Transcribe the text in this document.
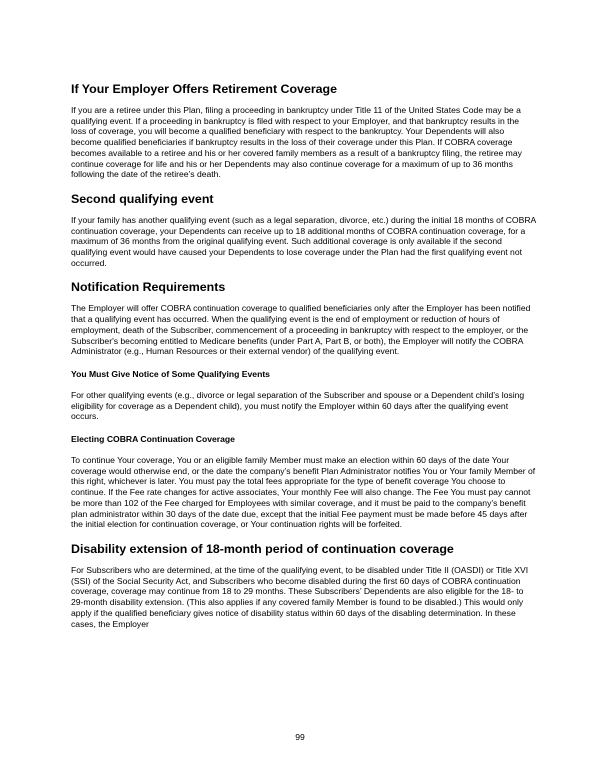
If Your Employer Offers Retirement Coverage

If you are a retiree under this Plan, filing a proceeding in bankruptcy under Title 11 of the United States Code may be a qualifying event. If a proceeding in bankruptcy is filed with respect to your Employer, and that bankruptcy results in the loss of coverage, you will become a qualified beneficiary with respect to the bankruptcy. Your Dependents will also become qualified beneficiaries if bankruptcy results in the loss of their coverage under this Plan. If COBRA coverage becomes available to a retiree and his or her covered family members as a result of a bankruptcy filing, the retiree may continue coverage for life and his or her Dependents may also continue coverage for a maximum of up to 36 months following the date of the retiree’s death.

Second qualifying event

If your family has another qualifying event (such as a legal separation, divorce, etc.) during the initial 18 months of COBRA continuation coverage, your Dependents can receive up to 18 additional months of COBRA continuation coverage, for a maximum of 36 months from the original qualifying event. Such additional coverage is only available if the second qualifying event would have caused your Dependents to lose coverage under the Plan had the first qualifying event not occurred.

Notification Requirements

The Employer will offer COBRA continuation coverage to qualified beneficiaries only after the Employer has been notified that a qualifying event has occurred. When the qualifying event is the end of employment or reduction of hours of employment, death of the Subscriber, commencement of a proceeding in bankruptcy with respect to the employer, or the Subscriber's becoming entitled to Medicare benefits (under Part A, Part B, or both), the Employer will notify the COBRA Administrator (e.g., Human Resources or their external vendor) of the qualifying event.

You Must Give Notice of Some Qualifying Events

For other qualifying events (e.g., divorce or legal separation of the Subscriber and spouse or a Dependent child’s losing eligibility for coverage as a Dependent child), you must notify the Employer within 60 days after the qualifying event occurs.

Electing COBRA Continuation Coverage

To continue Your coverage, You or an eligible family Member must make an election within 60 days of the date Your coverage would otherwise end, or the date the company’s benefit Plan Administrator notifies You or Your family Member of this right, whichever is later. You must pay the total fees appropriate for the type of benefit coverage You choose to continue. If the Fee rate changes for active associates, Your monthly Fee will also change. The Fee You must pay cannot be more than 102 of the Fee charged for Employees with similar coverage, and it must be paid to the company’s benefit plan administrator within 30 days of the date due, except that the initial Fee payment must be made before 45 days after the initial election for continuation coverage, or Your continuation rights will be forfeited.

Disability extension of 18-month period of continuation coverage

For Subscribers who are determined, at the time of the qualifying event, to be disabled under Title II (OASDI) or Title XVI (SSI) of the Social Security Act, and Subscribers who become disabled during the first 60 days of COBRA continuation coverage, coverage may continue from 18 to 29 months. These Subscribers’ Dependents are also eligible for the 18- to 29-month disability extension. (This also applies if any covered family Member is found to be disabled.) This would only apply if the qualified beneficiary gives notice of disability status within 60 days of the disabling determination. In these cases, the Employer

99
